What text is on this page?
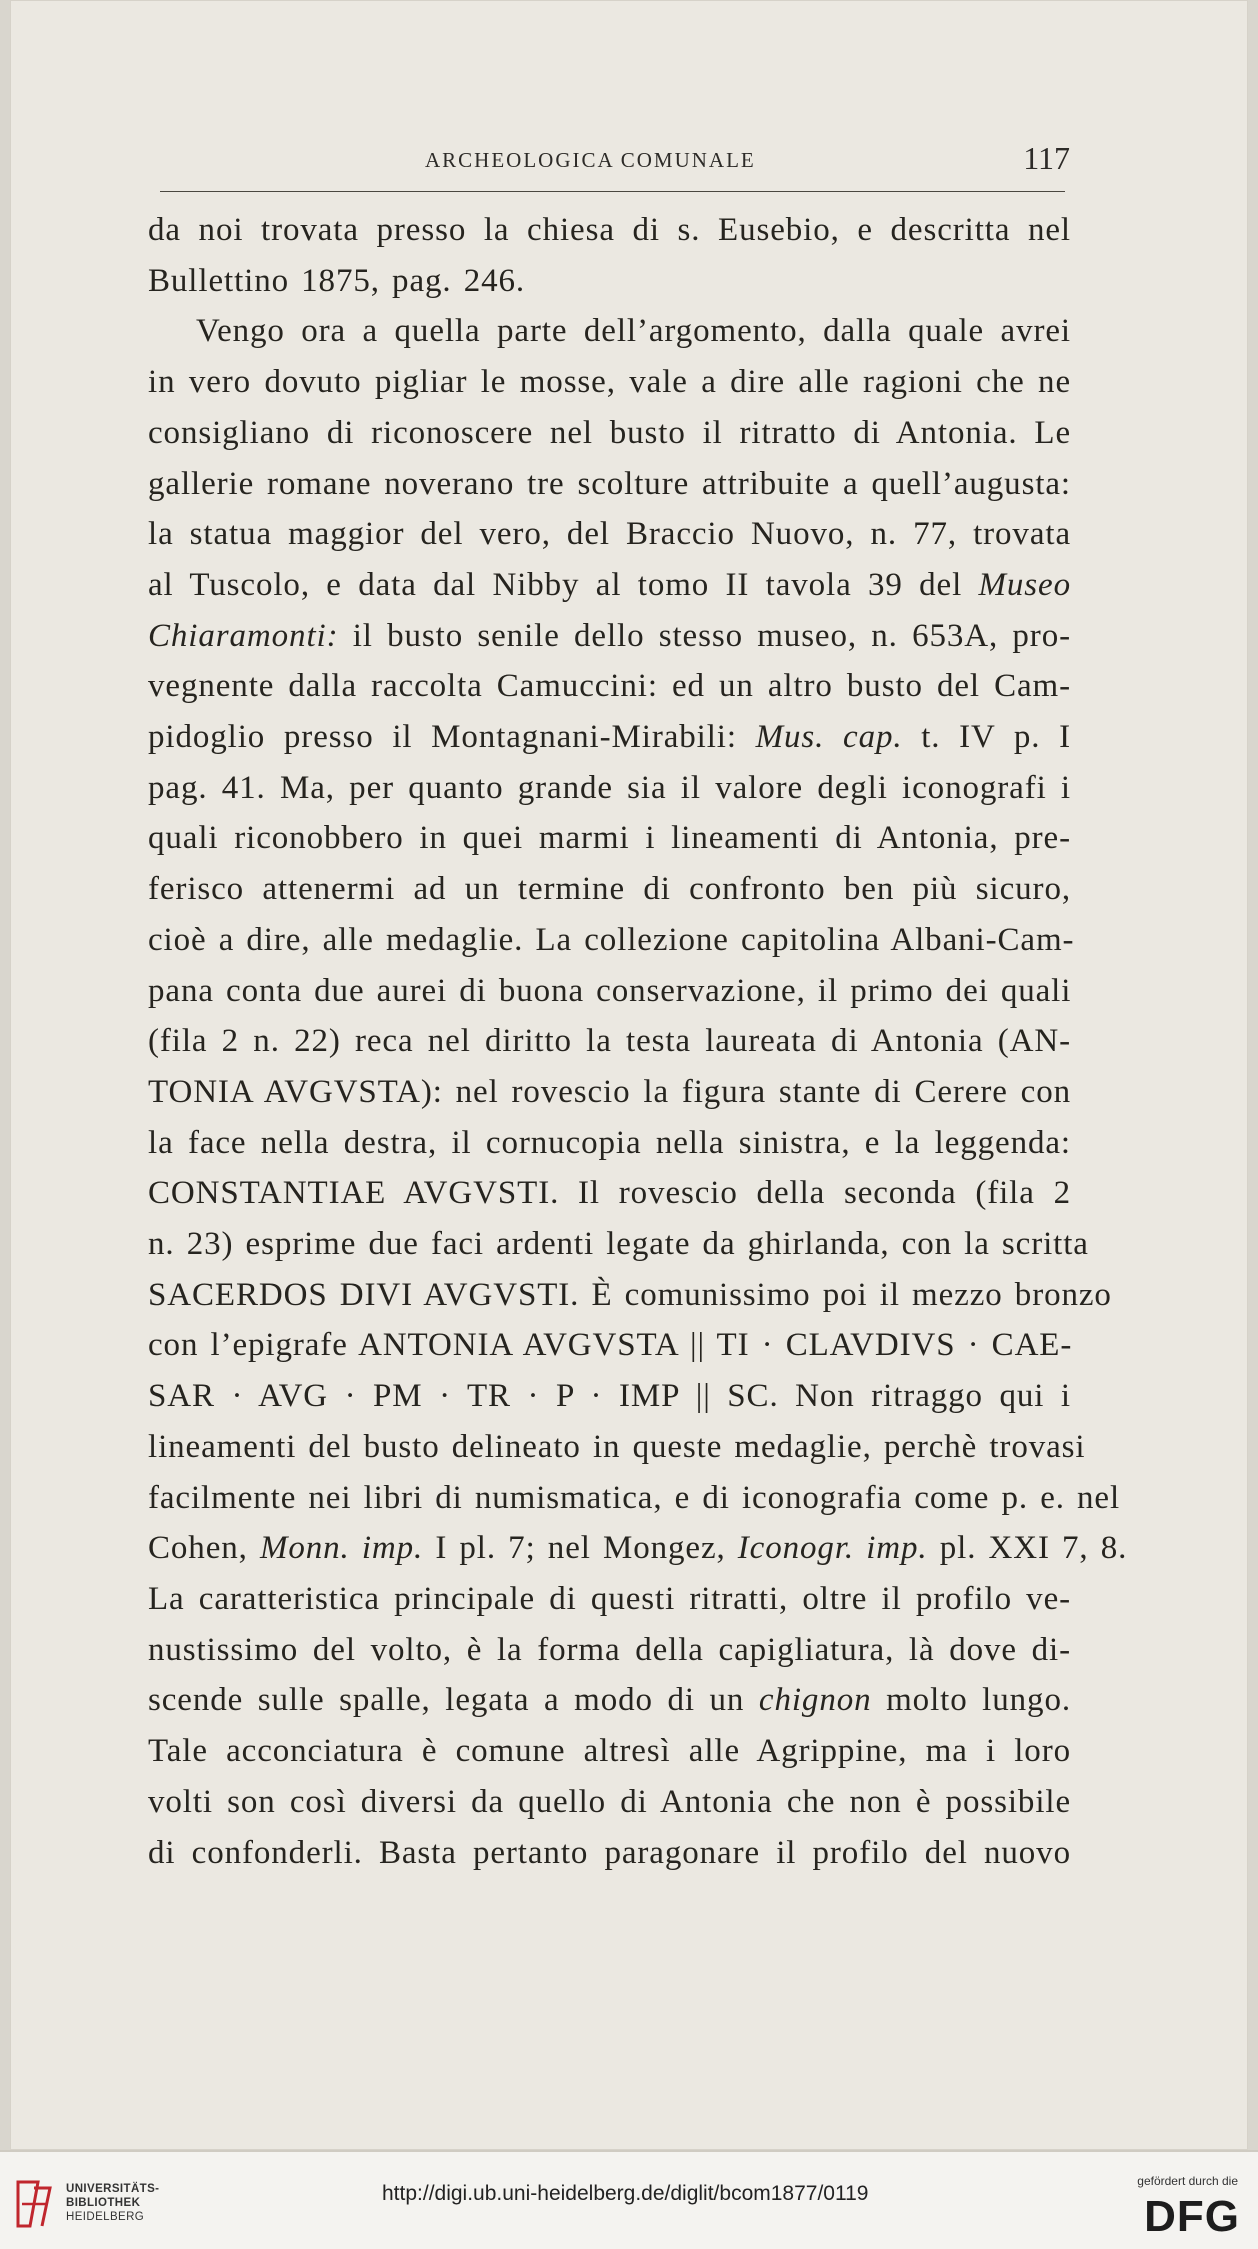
ARCHEOLOGICA COMUNALE	117
da noi trovata presso la chiesa di s. Eusebio, e descritta nel
Bullettino 1875, pag. 246.
Vengo ora a quella parte dell’argomento, dalla quale avrei
in vero dovuto pigliar le mosse, vale a dire alle ragioni che ne
consigliano di riconoscere nel busto il ritratto di Antonia. Le
gallerie romane noverano tre scolture attribuite a quell’augusta:
la statua maggior del vero, del Braccio Nuovo, n. 77, trovata
al Tuscolo, e data dal Nibby al tomo II tavola 39 del Museo
Chiaramonti: il busto senile dello stesso museo, n. 653A, pro-
vegnente dalla raccolta Camuccini: ed un altro busto del Cam-
pidoglio presso il Montagnani-Mirabili: Mus. cap. t. IV p. I
pag. 41. Ma, per quanto grande sia il valore degli iconografi i
quali riconobbero in quei marmi i lineamenti di Antonia, pre-
ferisco attenermi ad un termine di confronto ben più sicuro,
cioè a dire, alle medaglie. La collezione capitolina Albani-Cam-
pana conta due aurei di buona conservazione, il primo dei quali
(fila 2 n. 22) reca nel diritto la testa laureata di Antonia (AN-
TONIA AVGVSTA): nel rovescio la figura stante di Cerere con
la face nella destra, il cornucopia nella sinistra, e la leggenda:
CONSTANTIAE AVGVSTI. Il rovescio della seconda (fila 2
n. 23) esprime due faci ardenti legate da ghirlanda, con la scritta
SACERDOS DIVI AVGVSTI. È comunissimo poi il mezzo bronzo
con l’epigrafe ANTONIA AVGVSTA || TI · CLAVDIVS · CAE-
SAR · AVG · PM · TR · P · IMP || SC. Non ritraggo qui i
lineamenti del busto delineato in queste medaglie, perchè trovasi
facilmente nei libri di numismatica, e di iconografia come p. e. nel
Cohen, Monn. imp. I pl. 7; nel Mongez, Iconogr. imp. pl. XXI 7, 8.
La caratteristica principale di questi ritratti, oltre il profilo ve-
nustissimo del volto, è la forma della capigliatura, là dove di-
scende sulle spalle, legata a modo di un chignon molto lungo.
Tale acconciatura è comune altresì alle Agrippine, ma i loro
volti son così diversi da quello di Antonia che non è possibile
di confonderli. Basta pertanto paragonare il profilo del nuovo
UNIVERSITÄTS-
BIBLIOTHEK
HEIDELBERG
http://digi.ub.uni-heidelberg.de/diglit/bcom1877/0119
gefördert durch die
DFG
